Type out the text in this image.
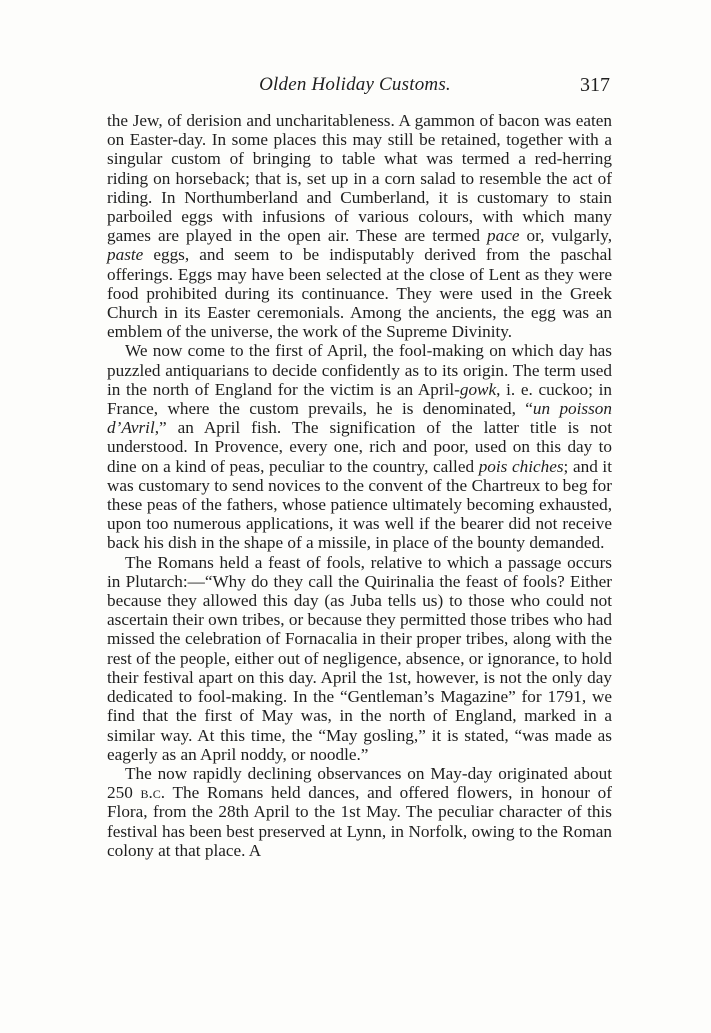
Olden Holiday Customs.	317

the Jew, of derision and uncharitableness. A gammon of bacon was eaten on Easter-day. In some places this may still be retained, together with a singular custom of bringing to table what was termed a red-herring riding on horseback; that is, set up in a corn salad to resemble the act of riding. In Northumberland and Cumberland, it is customary to stain parboiled eggs with infusions of various colours, with which many games are played in the open air. These are termed pace or, vulgarly, paste eggs, and seem to be indisputably derived from the paschal offerings. Eggs may have been selected at the close of Lent as they were food prohibited during its continuance. They were used in the Greek Church in its Easter ceremonials. Among the ancients, the egg was an emblem of the universe, the work of the Supreme Divinity.

We now come to the first of April, the fool-making on which day has puzzled antiquarians to decide confidently as to its origin. The term used in the north of England for the victim is an April-gowk, i. e. cuckoo; in France, where the custom prevails, he is denominated, “un poisson d’Avril,” an April fish. The signification of the latter title is not understood. In Provence, every one, rich and poor, used on this day to dine on a kind of peas, peculiar to the country, called pois chiches; and it was customary to send novices to the convent of the Chartreux to beg for these peas of the fathers, whose patience ultimately becoming exhausted, upon too numerous applications, it was well if the bearer did not receive back his dish in the shape of a missile, in place of the bounty demanded.

The Romans held a feast of fools, relative to which a passage occurs in Plutarch:—“Why do they call the Quirinalia the feast of fools? Either because they allowed this day (as Juba tells us) to those who could not ascertain their own tribes, or because they permitted those tribes who had missed the celebration of Fornacalia in their proper tribes, along with the rest of the people, either out of negligence, absence, or ignorance, to hold their festival apart on this day. April the 1st, however, is not the only day dedicated to fool-making. In the “Gentleman’s Magazine” for 1791, we find that the first of May was, in the north of England, marked in a similar way. At this time, the “May gosling,” it is stated, “was made as eagerly as an April noddy, or noodle.”

The now rapidly declining observances on May-day originated about 250 b.c. The Romans held dances, and offered flowers, in honour of Flora, from the 28th April to the 1st May. The peculiar character of this festival has been best preserved at Lynn, in Norfolk, owing to the Roman colony at that place. A
